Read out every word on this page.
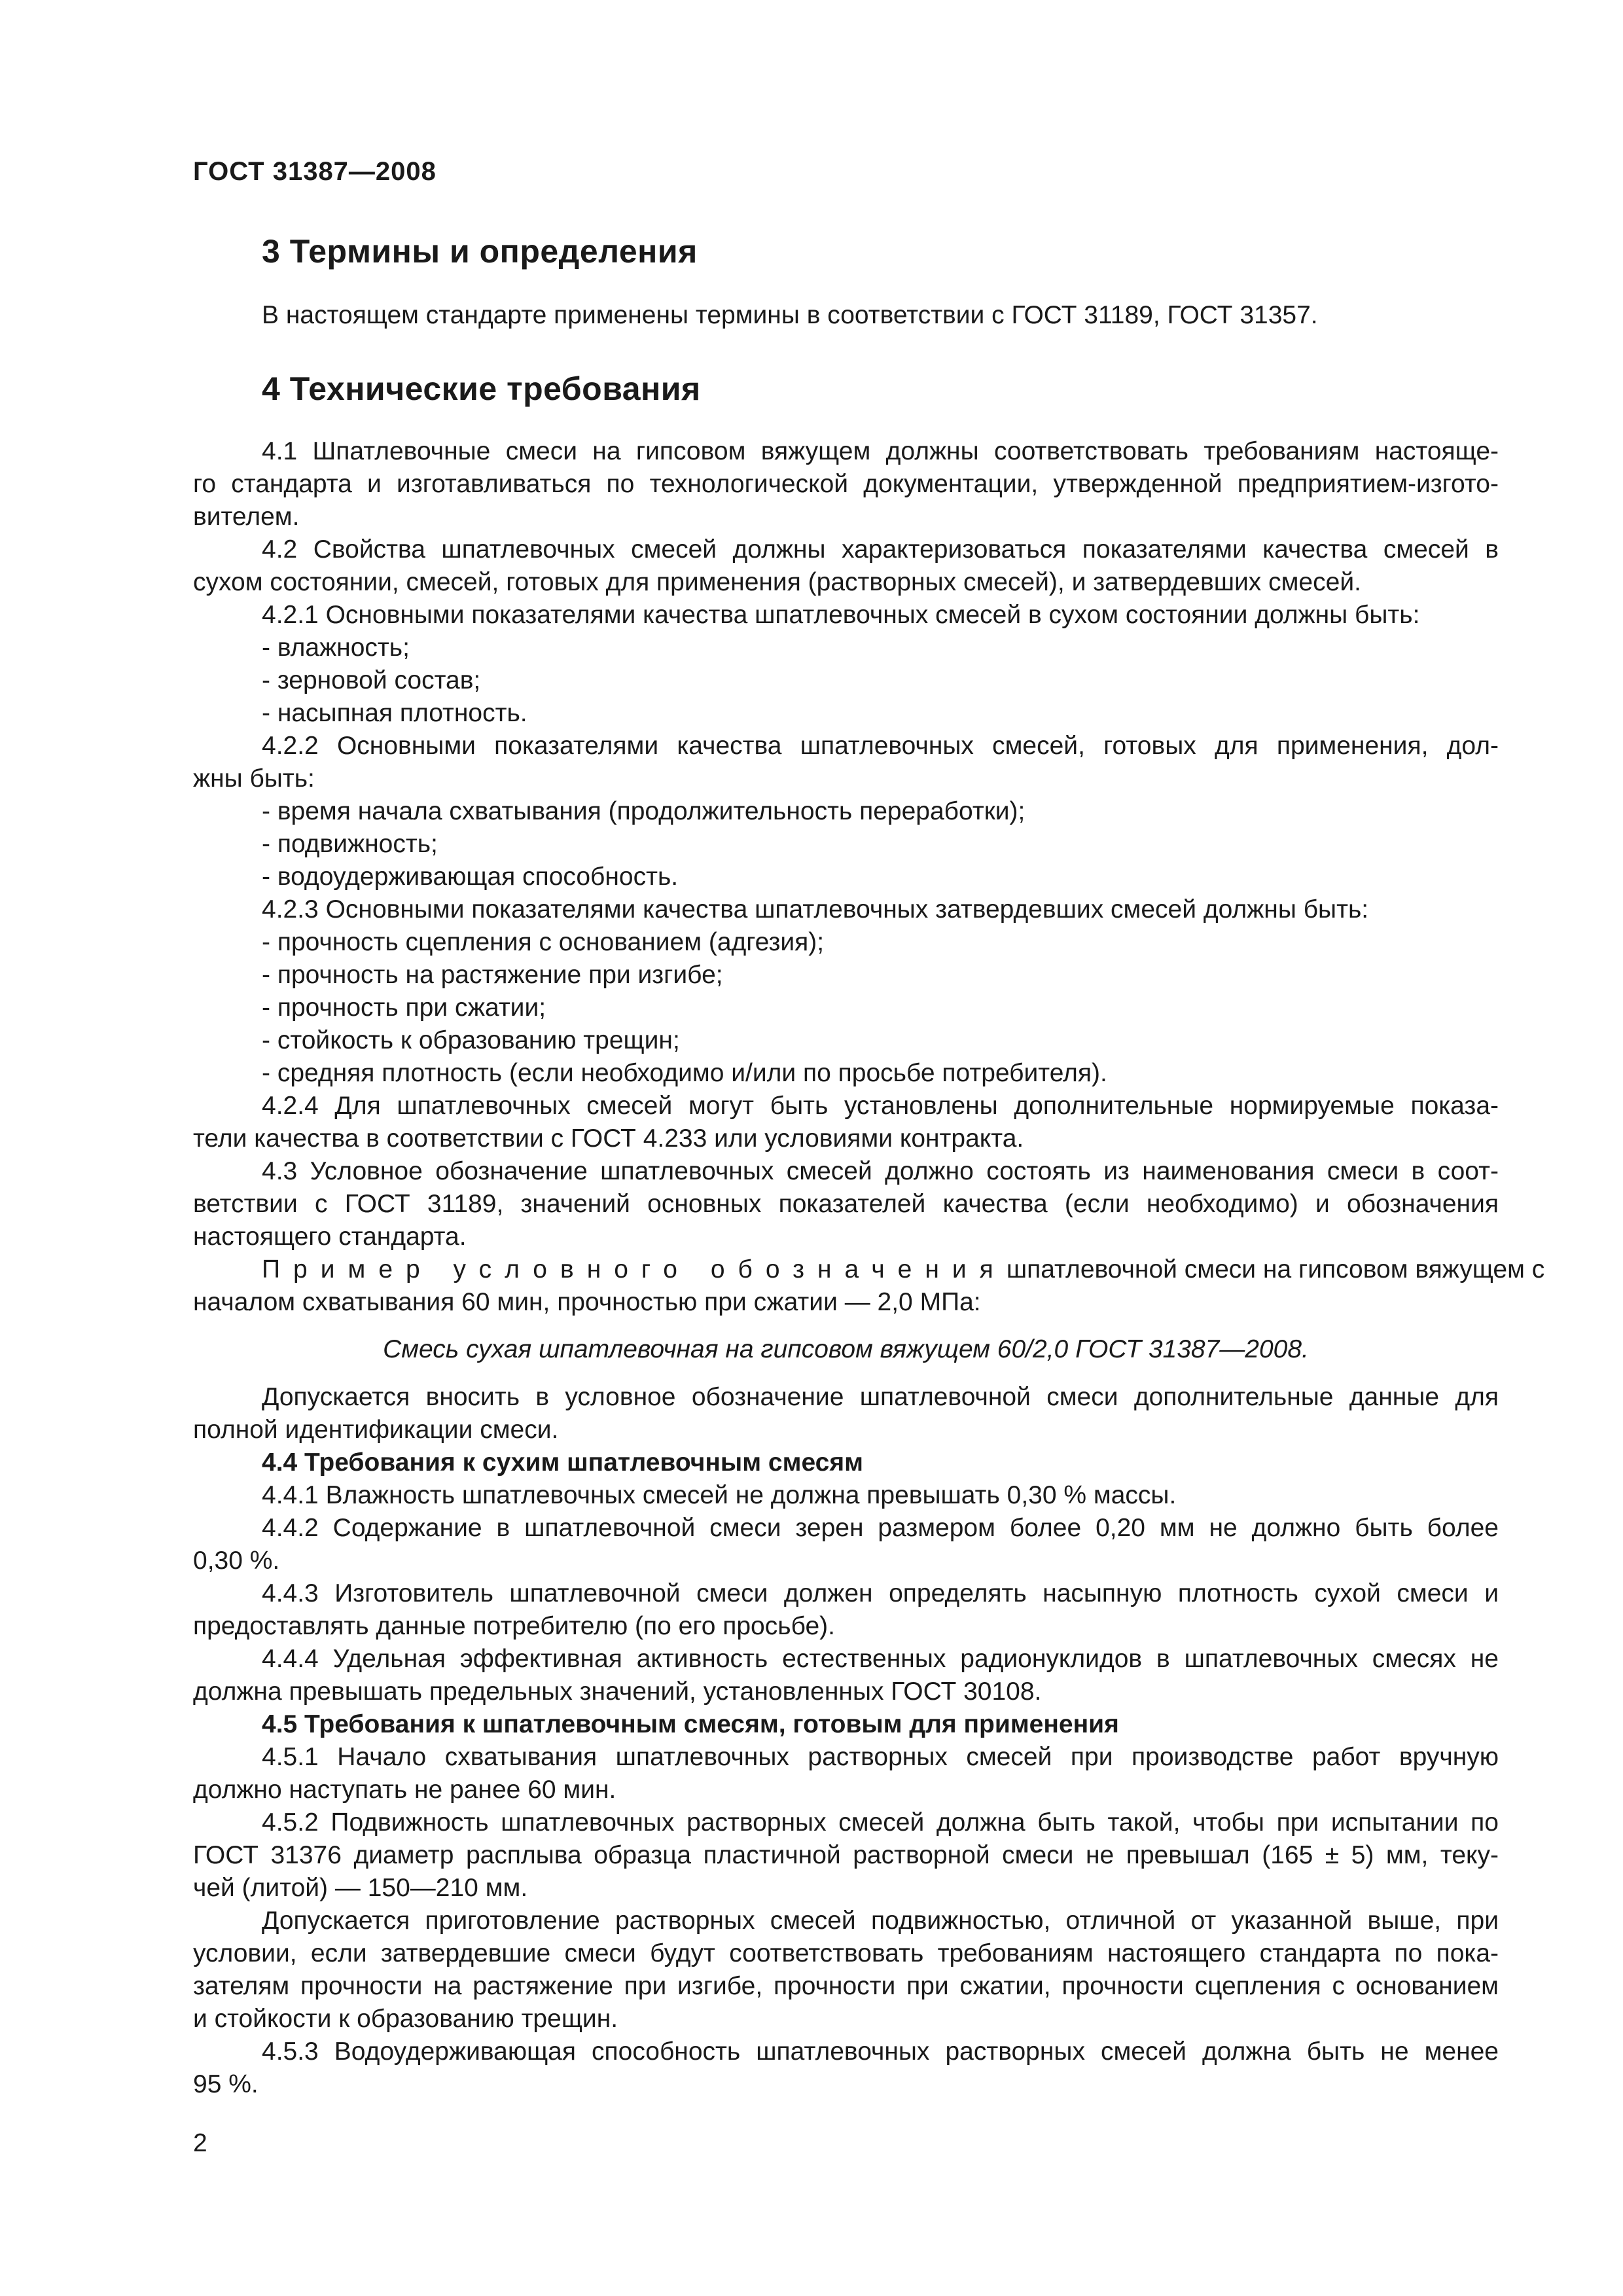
ГОСТ 31387—2008
3 Термины и определения
В настоящем стандарте применены термины в соответствии с ГОСТ 31189, ГОСТ 31357.
4 Технические требования
4.1 Шпатлевочные смеси на гипсовом вяжущем должны соответствовать требованиям настояще-
го стандарта и изготавливаться по технологической документации, утвержденной предприятием-изгото-
вителем.
4.2 Свойства шпатлевочных смесей должны характеризоваться показателями качества смесей в
сухом состоянии, смесей, готовых для применения (растворных смесей), и затвердевших смесей.
4.2.1 Основными показателями качества шпатлевочных смесей в сухом состоянии должны быть:
- влажность;
- зерновой состав;
- насыпная плотность.
4.2.2 Основными показателями качества шпатлевочных смесей, готовых для применения, дол-
жны быть:
- время начала схватывания (продолжительность переработки);
- подвижность;
- водоудерживающая способность.
4.2.3 Основными показателями качества шпатлевочных затвердевших смесей должны быть:
- прочность сцепления с основанием (адгезия);
- прочность на растяжение при изгибе;
- прочность при сжатии;
- стойкость к образованию трещин;
- средняя плотность (если необходимо и/или по просьбе потребителя).
4.2.4 Для шпатлевочных смесей могут быть установлены дополнительные нормируемые показа-
тели качества в соответствии с ГОСТ 4.233 или условиями контракта.
4.3 Условное обозначение шпатлевочных смесей должно состоять из наименования смеси в соот-
ветствии с ГОСТ 31189, значений основных показателей качества (если необходимо) и обозначения
настоящего стандарта.
Пример условного обозначения шпатлевочной смеси на гипсовом вяжущем с
началом схватывания 60 мин, прочностью при сжатии — 2,0 МПа:
Смесь сухая шпатлевочная на гипсовом вяжущем 60/2,0 ГОСТ 31387—2008.
Допускается вносить в условное обозначение шпатлевочной смеси дополнительные данные для
полной идентификации смеси.
4.4 Требования к сухим шпатлевочным смесям
4.4.1 Влажность шпатлевочных смесей не должна превышать 0,30 % массы.
4.4.2 Содержание в шпатлевочной смеси зерен размером более 0,20 мм не должно быть более
0,30 %.
4.4.3 Изготовитель шпатлевочной смеси должен определять насыпную плотность сухой смеси и
предоставлять данные потребителю (по его просьбе).
4.4.4 Удельная эффективная активность естественных радионуклидов в шпатлевочных смесях не
должна превышать предельных значений, установленных ГОСТ 30108.
4.5 Требования к шпатлевочным смесям, готовым для применения
4.5.1 Начало схватывания шпатлевочных растворных смесей при производстве работ вручную
должно наступать не ранее 60 мин.
4.5.2 Подвижность шпатлевочных растворных смесей должна быть такой, чтобы при испытании по
ГОСТ 31376 диаметр расплыва образца пластичной растворной смеси не превышал (165 ± 5) мм, теку-
чей (литой) — 150—210 мм.
Допускается приготовление растворных смесей подвижностью, отличной от указанной выше, при
условии, если затвердевшие смеси будут соответствовать требованиям настоящего стандарта по пока-
зателям прочности на растяжение при изгибе, прочности при сжатии, прочности сцепления с основанием
и стойкости к образованию трещин.
4.5.3 Водоудерживающая способность шпатлевочных растворных смесей должна быть не менее
95 %.
2
